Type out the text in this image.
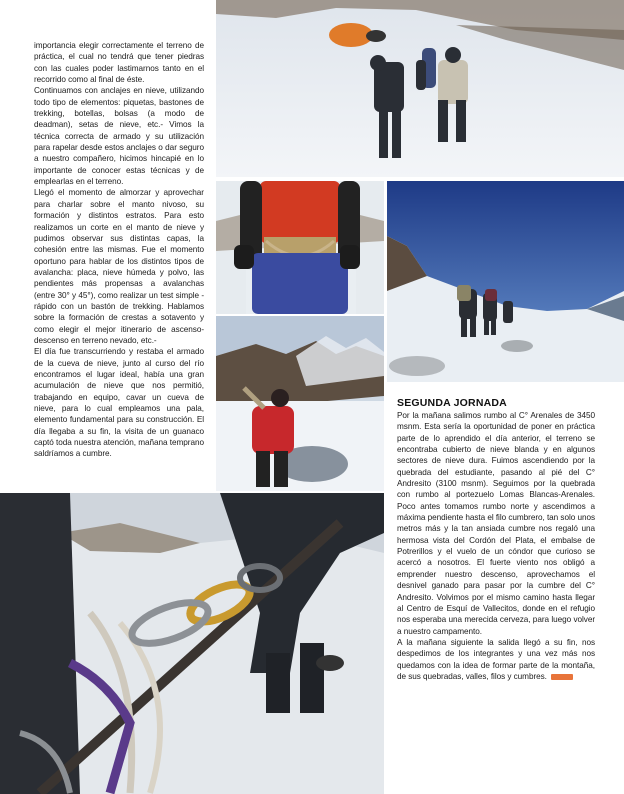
importancia elegir correctamente el terreno de práctica, el cual no tendrá que tener piedras con las cuales poder lastimarnos tanto en el recorrido como al final de éste.

Continuamos con anclajes en nieve, utilizando todo tipo de elementos: piquetas, bastones de trekking, botellas, bolsas (a modo de deadman), setas de nieve, etc.- Vimos la técnica correcta de armado y su utilización para rapelar desde estos anclajes o dar seguro a nuestro compañero, hicimos hincapié en lo importante de conocer estas técnicas y de emplearlas en el terreno.

Llegó el momento de almorzar y aprovechar para charlar sobre el manto nivoso, su formación y distintos estratos. Para esto realizamos un corte en el manto de nieve y pudimos observar sus distintas capas, la cohesión entre las mismas. Fue el momento oportuno para hablar de los distintos tipos de avalancha: placa, nieve húmeda y polvo, las pendientes más propensas a avalanchas (entre 30° y 45°), como realizar un test simple - rápido con un bastón de trekking. Hablamos sobre la formación de crestas a sotavento y como elegir el mejor itinerario de ascenso-descenso en terreno nevado, etc.-

El día fue transcurriendo y restaba el armado de la cueva de nieve, junto al curso del río encontramos el lugar ideal, había una gran acumulación de nieve que nos permitió, trabajando en equipo, cavar un cueva de nieve, para lo cual empleamos una pala, elemento fundamental para su construcción. El día llegaba a su fin, la visita de un guanaco captó toda nuestra atención, mañana temprano saldríamos a cumbre.

SEGUNDA JORNADA

Por la mañana salimos rumbo al C° Arenales de 3450 msnm. Esta sería la oportunidad de poner en práctica parte de lo aprendido el día anterior, el terreno se encontraba cubierto de nieve blanda y en algunos sectores de nieve dura. Fuimos ascendiendo por la quebrada del estudiante, pasando al pié del C° Andresito (3100 msnm). Seguimos por la quebrada con rumbo al portezuelo Lomas Blancas-Arenales. Poco antes tomamos rumbo norte y ascendimos a máxima pendiente hasta el filo cumbrero, tan solo unos metros más y la tan ansiada cumbre nos regaló una hermosa vista del Cordón del Plata, el embalse de Potrerillos y el vuelo de un cóndor que curioso se acercó a nosotros. El fuerte viento nos obligó a emprender nuestro descenso, aprovechamos el desnivel ganado para pasar por la cumbre del C° Andresito. Volvimos por el mismo camino hasta llegar al Centro de Esquí de Vallecitos, donde en el refugio nos esperaba una merecida cerveza, para luego volver a nuestro campamento.

A la mañana siguiente la salida llegó a su fin, nos despedimos de los integrantes y una vez más nos quedamos con la idea de formar parte de la montaña, de sus quebradas, valles, filos y cumbres.
